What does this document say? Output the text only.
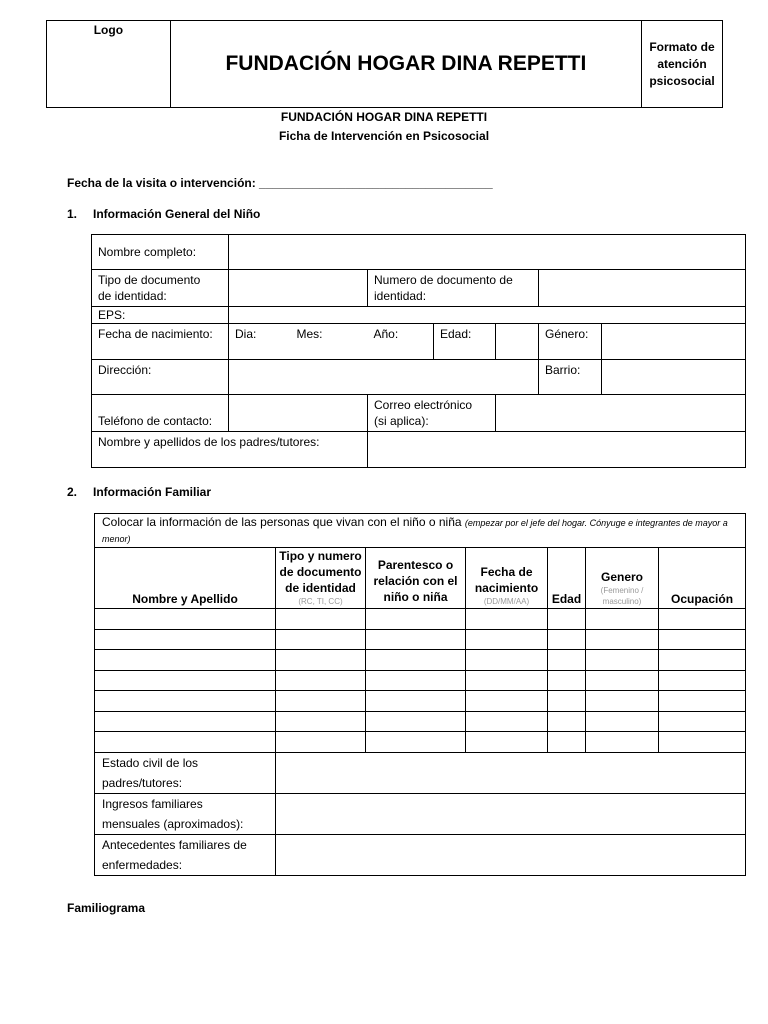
Logo	FUNDACIÓN HOGAR DINA REPETTI	Formato de
atención
psicosocial
FUNDACIÓN HOGAR DINA REPETTI
Ficha de Intervención en Psicosocial
Fecha de la visita o intervención: ___________________________________
1. Información General del Niño
Nombre completo:							
Tipo de documento
de identidad:			Numero de documento de
identidad:				
EPS:							
Fecha de nacimiento:	Dia:	Mes:	Año:	Edad:		Género:	
Dirección:						Barrio:	
Teléfono de contacto:			Correo electrónico
(si aplica):				
Nombre y apellidos de los padres/tutores:							
2. Información Familiar
Colocar la información de las personas que vivan con el niño o niña (empezar por el jefe del hogar. Cónyuge e integrantes de mayor a menor)						
Nombre y Apellido	Tipo y numero
de documento
de identidad
(RC, TI, CC)	Parentesco o
relación con el
niño o niña	Fecha de
nacimiento
(DD/MM/AA)	Edad	Genero
(Femenino /
masculino)	Ocupación

Estado civil de los
padres/tutores:						
Ingresos familiares
mensuales (aproximados):						
Antecedentes familiares de
enfermedades:						
Familiograma
